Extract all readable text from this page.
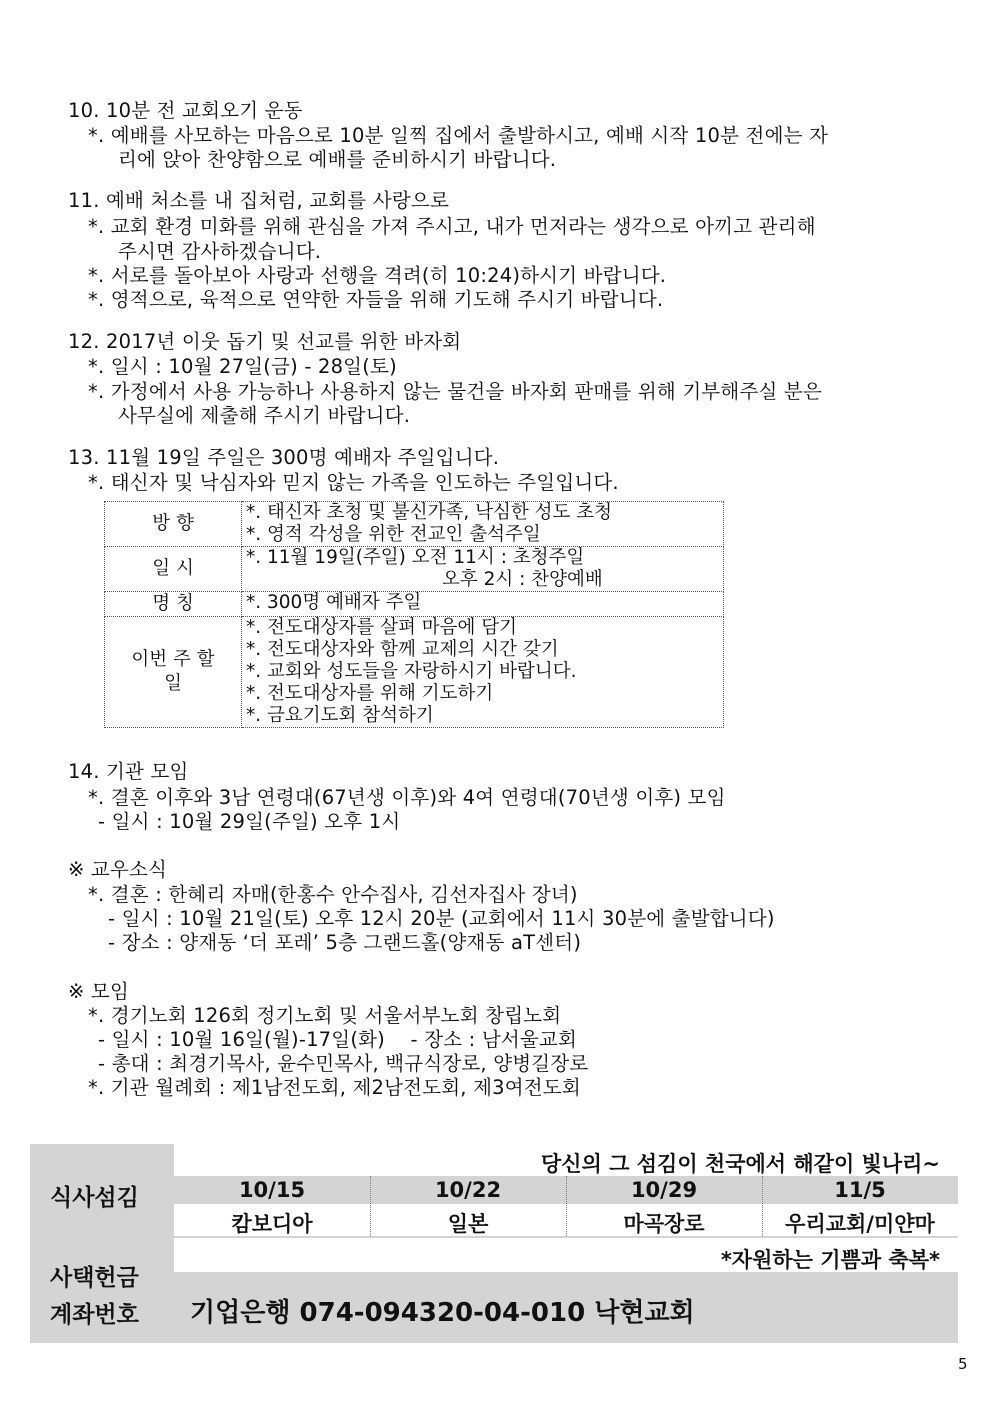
10. 10분 전 교회오기 운동
*. 예배를 사모하는 마음으로 10분 일찍 집에서 출발하시고, 예배 시작 10분 전에는 자
리에 앉아 찬양함으로 예배를 준비하시기 바랍니다.
11. 예배 처소를 내 집처럼, 교회를 사랑으로
*. 교회 환경 미화를 위해 관심을 가져 주시고, 내가 먼저라는 생각으로 아끼고 관리해
주시면 감사하겠습니다.
*. 서로를 돌아보아 사랑과 선행을 격려(히 10:24)하시기 바랍니다.
*. 영적으로, 육적으로 연약한 자들을 위해 기도해 주시기 바랍니다.
12. 2017년 이웃 돕기 및 선교를 위한 바자회
*. 일시 : 10월 27일(금) - 28일(토)
*. 가정에서 사용 가능하나 사용하지 않는 물건을 바자회 판매를 위해 기부해주실 분은
사무실에 제출해 주시기 바랍니다.
13. 11월 19일 주일은 300명 예배자 주일입니다.
*. 태신자 및 낙심자와 믿지 않는 가족을 인도하는 주일입니다.
방 향	*. 태신자 초청 및 불신가족, 낙심한 성도 초청
*. 영적 각성을 위한 전교인 출석주일

일 시	*. 11월 19일(주일) 오전 11시 : 초청주일
오후 2시 : 찬양예배

명 칭	*. 300명 예배자 주일

이번 주 할 일	*. 전도대상자를 살펴 마음에 담기
*. 전도대상자와 함께 교제의 시간 갖기
*. 교회와 성도들을 자랑하시기 바랍니다.
*. 전도대상자를 위해 기도하기
*. 금요기도회 참석하기
14. 기관 모임
*. 결혼 이후와 3남 연령대(67년생 이후)와 4여 연령대(70년생 이후) 모임
- 일시 : 10월 29일(주일) 오후 1시
※ 교우소식
*. 결혼 : 한혜리 자매(한홍수 안수집사, 김선자집사 장녀)
- 일시 : 10월 21일(토) 오후 12시 20분 (교회에서 11시 30분에 출발합니다)
- 장소 : 양재동 ‘더 포레’ 5층 그랜드홀(양재동 aT센터)
※ 모임
*. 경기노회 126회 정기노회 및 서울서부노회 창립노회
- 일시 : 10월 16일(월)-17일(화)    - 장소 : 남서울교회
- 총대 : 최경기목사, 윤수민목사, 백규식장로, 양병길장로
*. 기관 월례회 : 제1남전도회, 제2남전도회, 제3여전도회
식사섬김
사택헌금
계좌번호
당신의 그 섬김이 천국에서 해같이 빛나리~
10/15	10/22	10/29	11/5
캄보디아	일본	마곡장로	우리교회/미얀마
*자원하는 기쁨과 축복*
기업은행 074-094320-04-010 낙현교회
5
